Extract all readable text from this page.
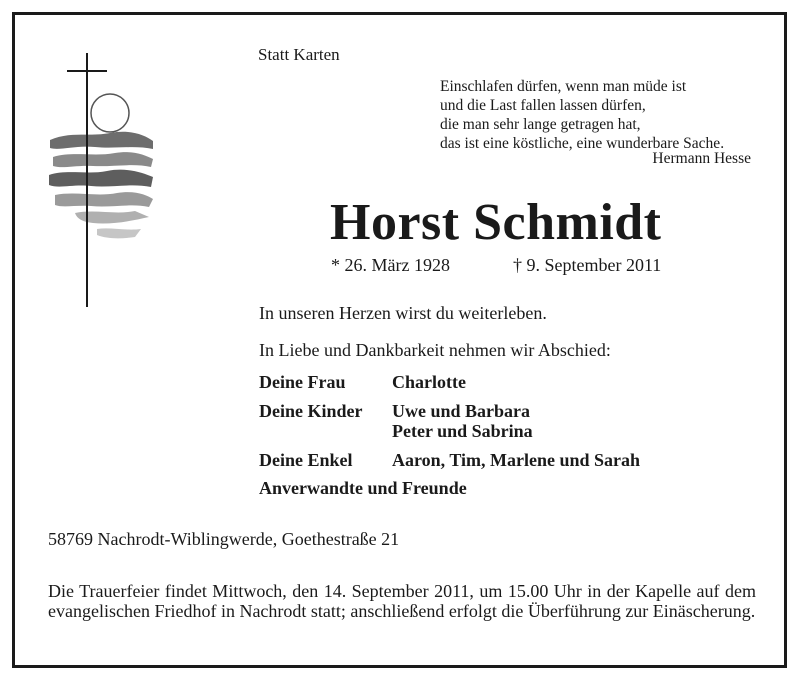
Statt Karten
Einschlafen dürfen, wenn man müde ist
und die Last fallen lassen dürfen,
die man sehr lange getragen hat,
das ist eine köstliche, eine wunderbare Sache.
Hermann Hesse
Horst Schmidt
* 26. März 1928	† 9. September 2011
In unseren Herzen wirst du weiterleben.
In Liebe und Dankbarkeit nehmen wir Abschied:
Deine Frau	Charlotte
Deine Kinder Uwe und Barbara
Peter und Sabrina
Deine Enkel Aaron, Tim, Marlene und Sarah
Anverwandte und Freunde
58769 Nachrodt-Wiblingwerde, Goethestraße 21
Die Trauerfeier findet Mittwoch, den 14. September 2011, um 15.00 Uhr in der Kapelle auf dem evangelischen Friedhof in Nachrodt statt; anschließend erfolgt die Überführung zur Einäscherung.
